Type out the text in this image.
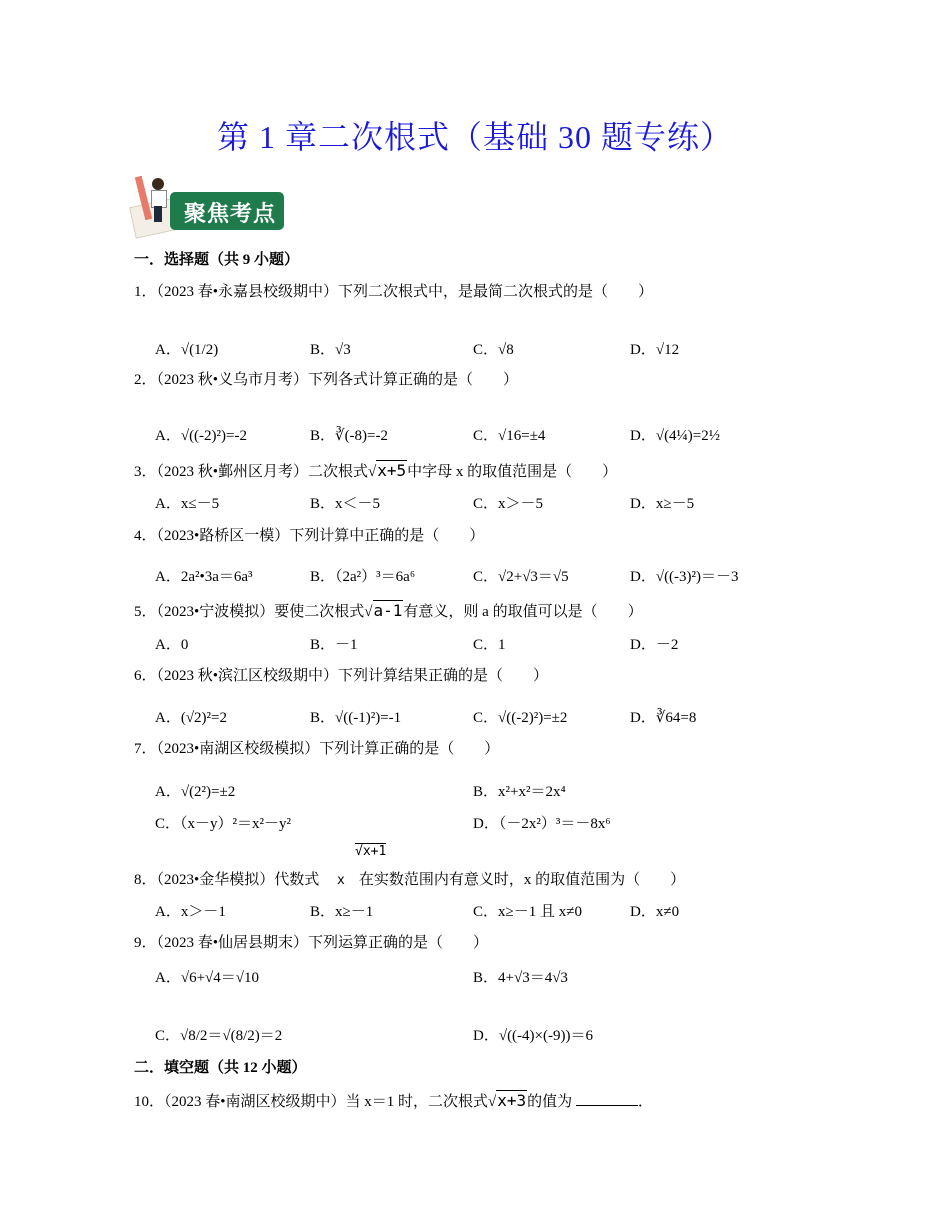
第 1 章二次根式（基础 30 题专练）
聚焦考点
一．选择题（共 9 小题）
1．（2023 春•永嘉县校级期中）下列二次根式中，是最简二次根式的是（　　）
A．√(1/2)	B．√3	C．√8	D．√12
2．（2023 秋•义乌市月考）下列各式计算正确的是（　　）
A．√((-2)²)=-2	B．∛(-8)=-2	C．√16=±4	D．√(4¼)=2½
3．（2023 秋•鄞州区月考）二次根式√x+5中字母 x 的取值范围是（　　）
A．x≤－5	B．x＜－5	C．x＞－5	D．x≥－5
4．（2023•路桥区一模）下列计算中正确的是（　　）
A．2a²•3a＝6a³	B．（2a²）³＝6a⁶	C．√2+√3＝√5	D．√((-3)²)＝－3
5．（2023•宁波模拟）要使二次根式√a-1有意义，则 a 的取值可以是（　　）
A．0	B．－1	C．1	D．－2
6．（2023 秋•滨江区校级期中）下列计算结果正确的是（　　）
A．(√2)²=2	B．√((-1)²)=-1	C．√((-2)²)=±2	D．∛64=8
7．（2023•南湖区校级模拟）下列计算正确的是（　　）
A．√(2²)=±2	B．x²+x²＝2x⁴
C．（x－y）²＝x²－y²	D．（－2x²）³＝－8x⁶
√x+1
8．（2023•金华模拟）代数式 x 在实数范围内有意义时，x 的取值范围为（　　）
A．x＞－1	B．x≥－1	C．x≥－1 且 x≠0	D．x≠0
9．（2023 春•仙居县期末）下列运算正确的是（　　）
A．√6+√4＝√10	B．4+√3＝4√3
C．√8/2＝√(8/2)＝2	D．√((-4)×(-9))＝6
二．填空题（共 12 小题）
10．（2023 春•南湖区校级期中）当 x＝1 时，二次根式√x+3的值为	．
